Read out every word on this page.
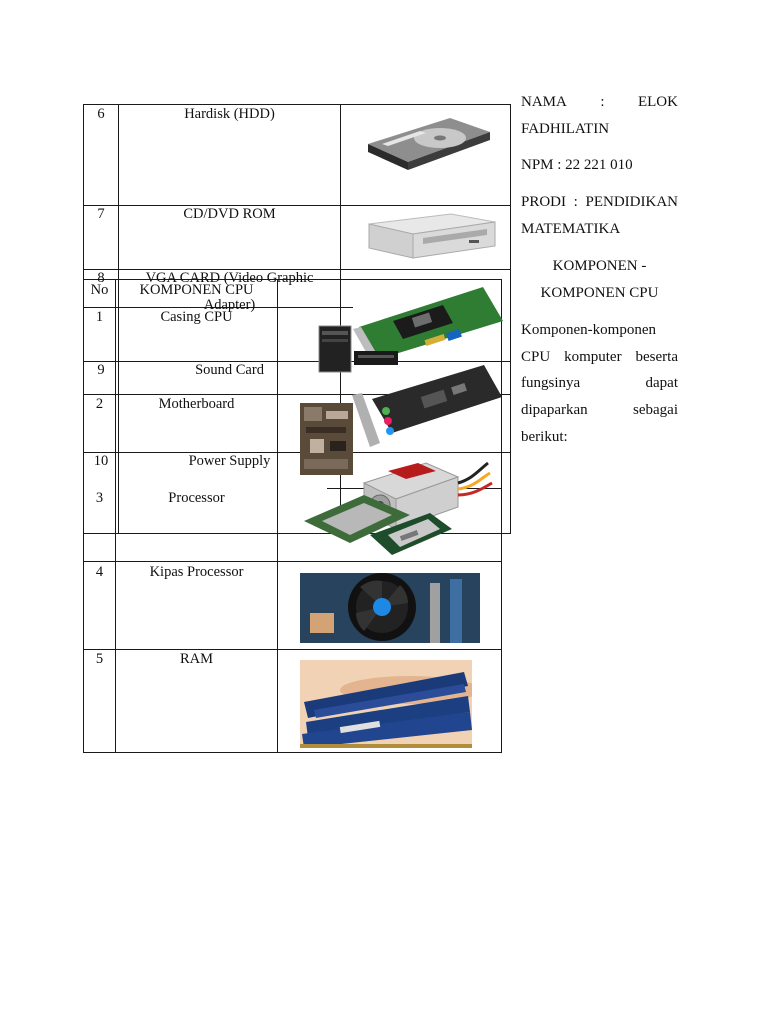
6	Hardisk (HDD)
7	CD/DVD ROM
8	VGA CARD (Video Graphic
Adapter)
9	Sound Card
10	Power Supply
No	KOMPONEN CPU
1	Casing CPU
2	Motherboard
3	Processor
4	Kipas Processor
5	RAM
NAMA : ELOK
FADHILATIN
NPM : 22 221 010
PRODI : PENDIDIKAN
MATEMATIKA
KOMPONEN -
KOMPONEN CPU
Komponen-komponen
CPU komputer beserta
fungsinya	dapat
dipaparkan	sebagai
berikut:
